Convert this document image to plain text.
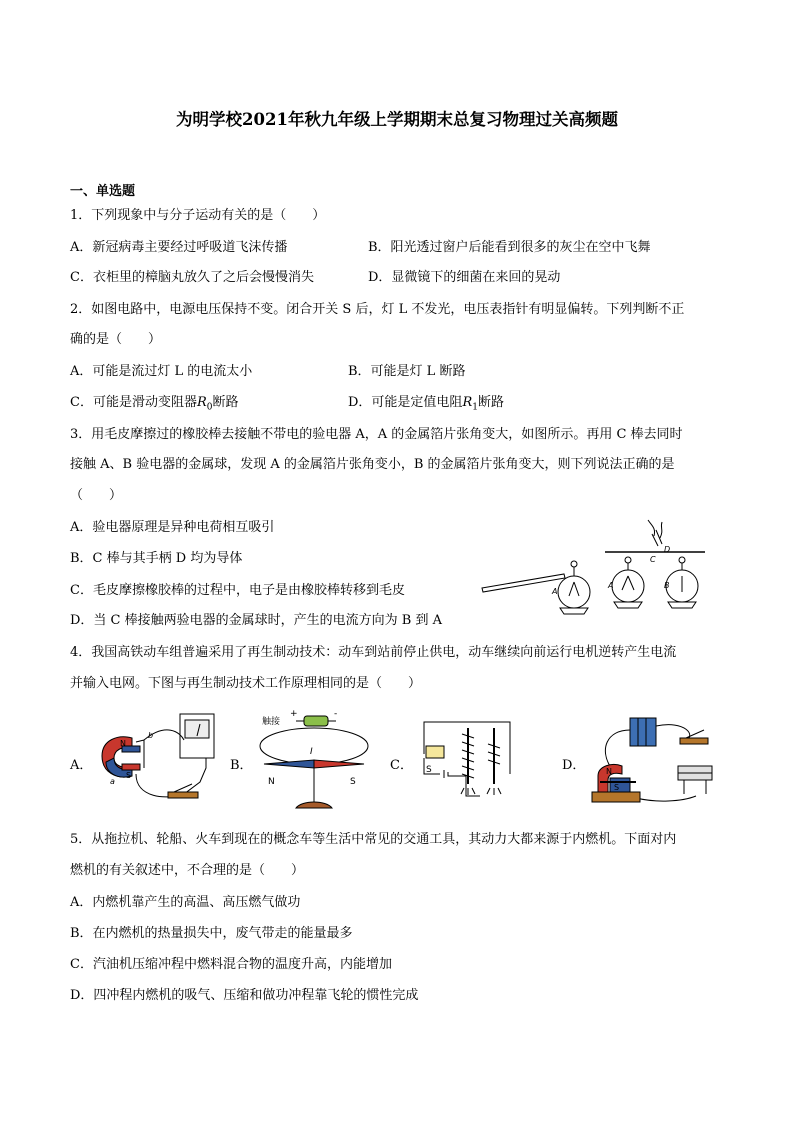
为明学校2021年秋九年级上学期期末总复习物理过关高频题
一、单选题
1．下列现象中与分子运动有关的是（　　）
A．新冠病毒主要经过呼吸道飞沫传播	B．阳光透过窗户后能看到很多的灰尘在空中飞舞
C．衣柜里的樟脑丸放久了之后会慢慢消失	D．显微镜下的细菌在来回的晃动
2．如图电路中，电源电压保持不变。闭合开关 S 后，灯 L 不发光，电压表指针有明显偏转。下列判断不正
确的是（　　）
A．可能是流过灯 L 的电流太小	B．可能是灯 L 断路
C．可能是滑动变阻器$R_0$断路	D．可能是定值电阻$R_1$断路
3．用毛皮摩擦过的橡胶棒去接触不带电的验电器 A，A 的金属箔片张角变大，如图所示。再用 C 棒去同时
接触 A、B 验电器的金属球，发现 A 的金属箔片张角变小，B 的金属箔片张角变大，则下列说法正确的是
（　　）
A．验电器原理是异种电荷相互吸引
B．C 棒与其手柄 D 均为导体
C．毛皮摩擦橡胶棒的过程中，电子是由橡胶棒转移到毛皮
D．当 C 棒接触两验电器的金属球时，产生的电流方向为 B 到 A
A
A	B
C
D
4．我国高铁动车组普遍采用了再生制动技术：动车到站前停止供电，动车继续向前运行电机逆转产生电流
并输入电网。下图与再生制动技术工作原理相同的是（　　）
A．
N
S
a
b
B．
触接
+	-
I
N	S
C． S	D．	N
S
5．从拖拉机、轮船、火车到现在的概念车等生活中常见的交通工具，其动力大都来源于内燃机。下面对内
燃机的有关叙述中，不合理的是（　　）
A．内燃机靠产生的高温、高压燃气做功
B．在内燃机的热量损失中，废气带走的能量最多
C．汽油机压缩冲程中燃料混合物的温度升高，内能增加
D．四冲程内燃机的吸气、压缩和做功冲程靠飞轮的惯性完成
